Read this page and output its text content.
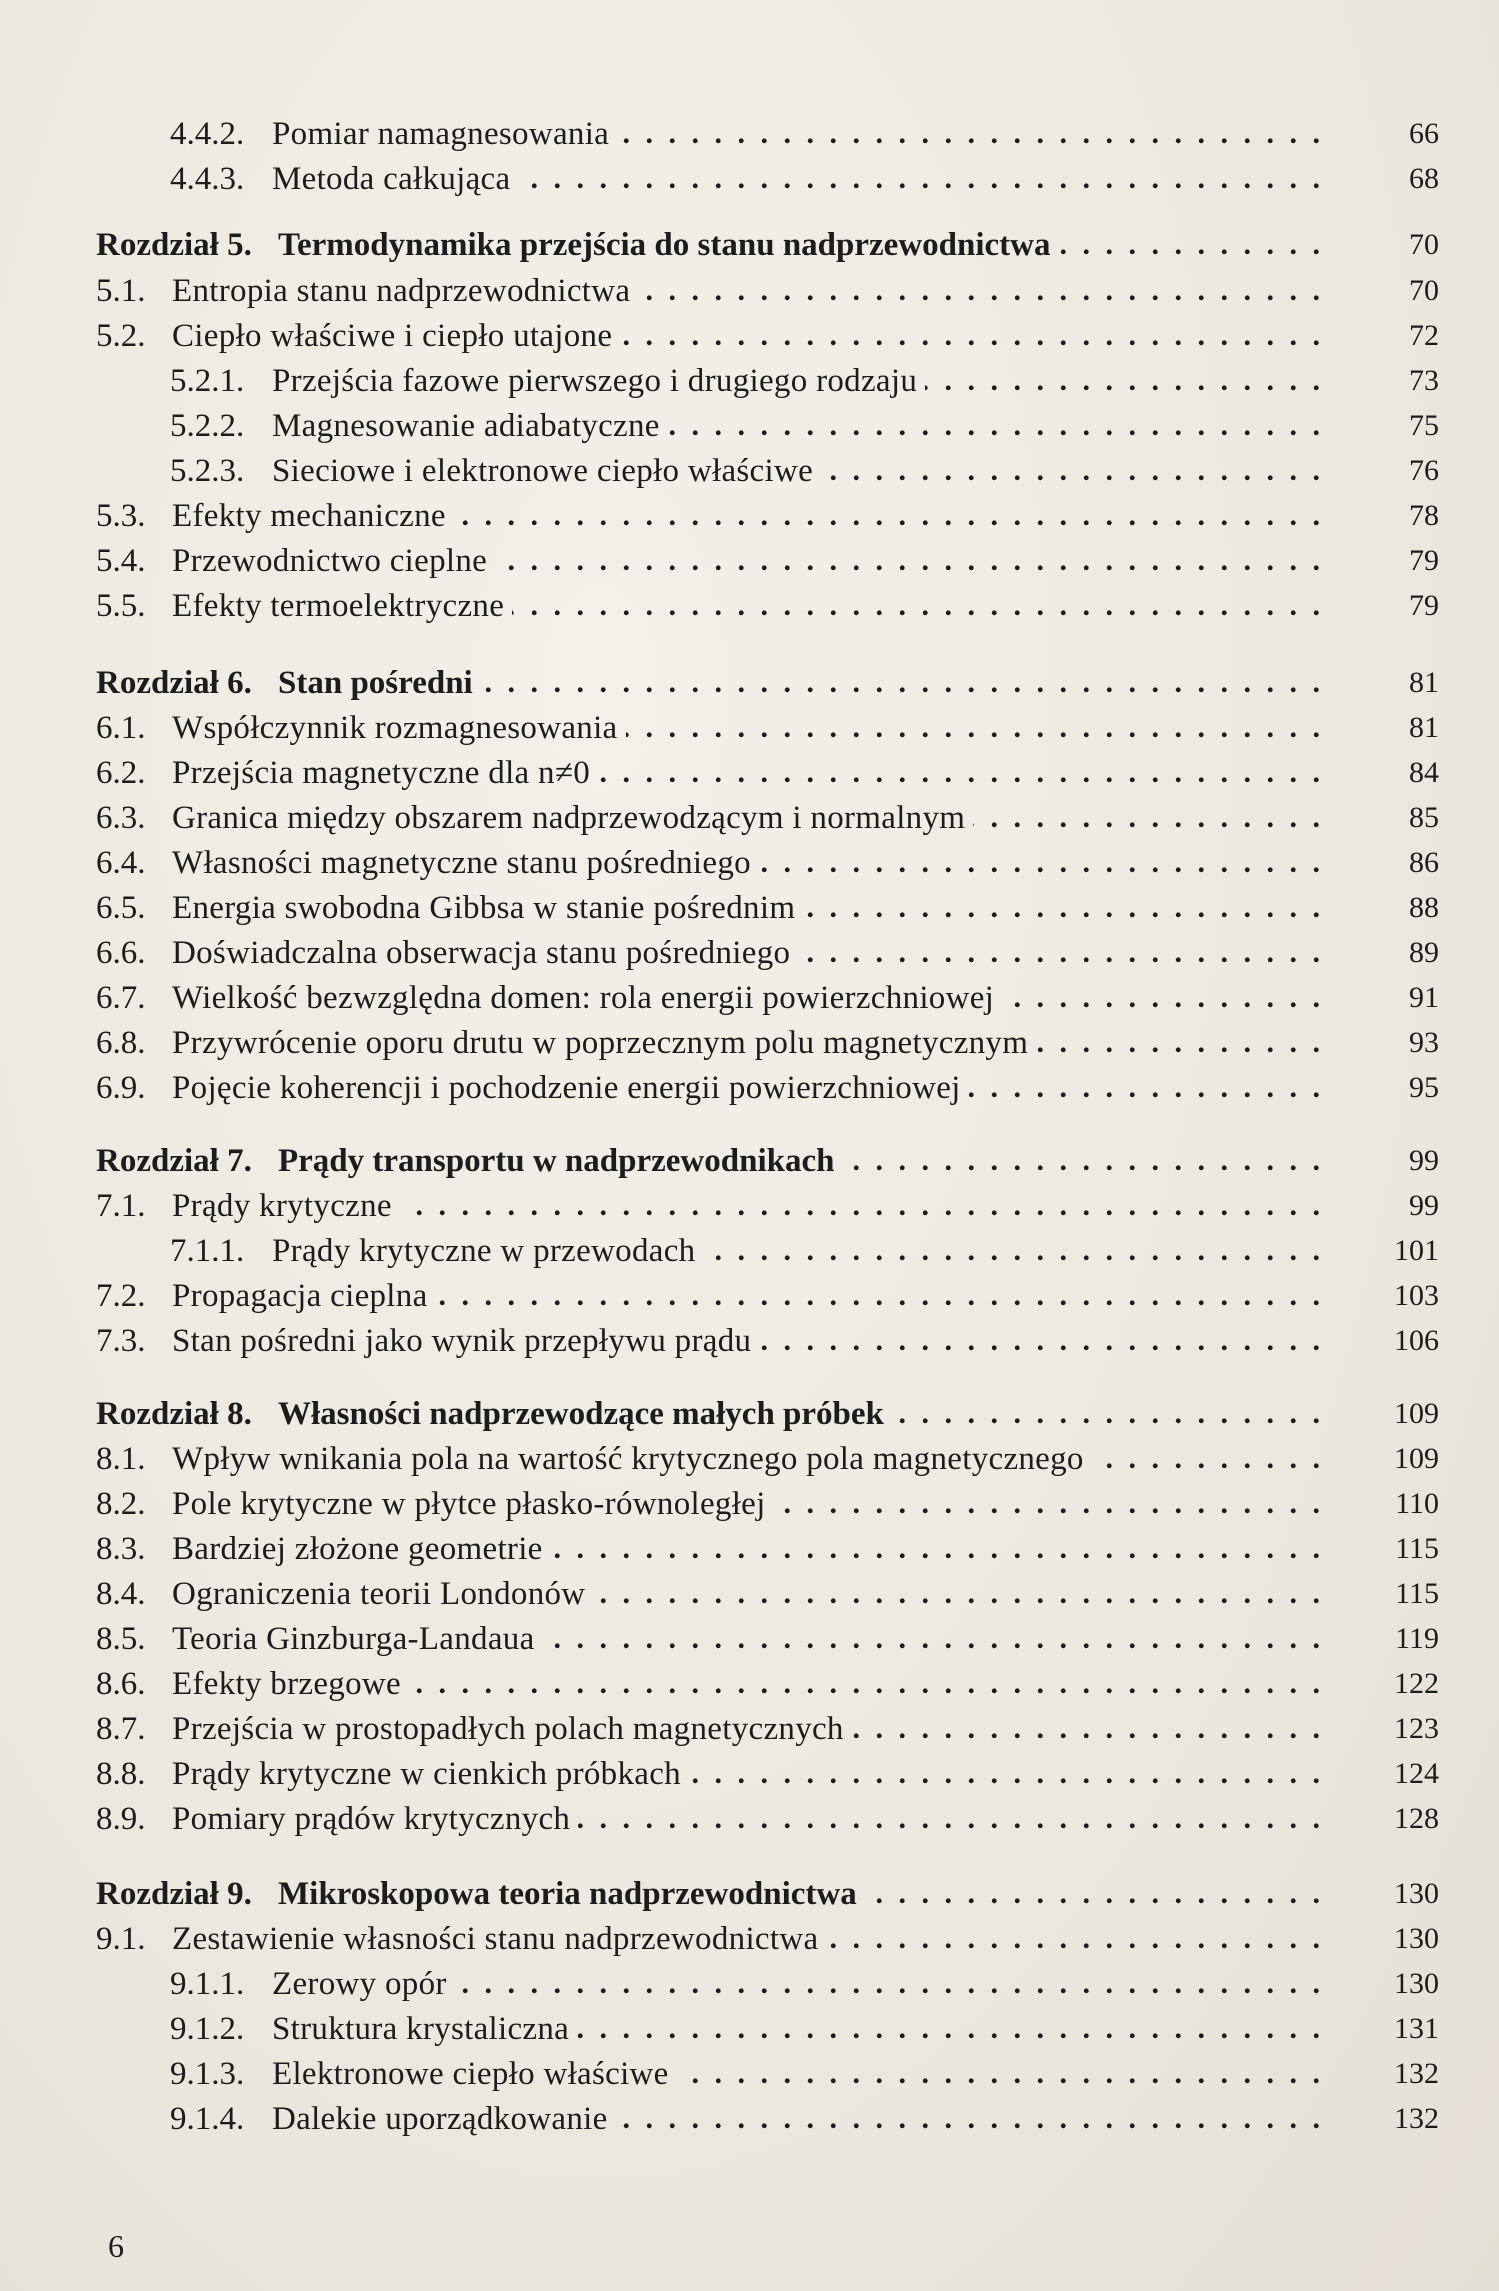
4.4.2. Pomiar namagnesowania . . .	66
4.4.3. Metoda całkująca . . .	68
Rozdział 5. Termodynamika przejścia do stanu nadprzewodnictwa . . .	70
5.1. Entropia stanu nadprzewodnictwa . . .	70
5.2. Ciepło właściwe i ciepło utajone . . .	72
5.2.1. Przejścia fazowe pierwszego i drugiego rodzaju . . .	73
5.2.2. Magnesowanie adiabatyczne . . .	75
5.2.3. Sieciowe i elektronowe ciepło właściwe . . .	76
5.3. Efekty mechaniczne . . .	78
5.4. Przewodnictwo cieplne . . .	79
5.5. Efekty termoelektryczne . . .	79
Rozdział 6. Stan pośredni . . .	81
6.1. Współczynnik rozmagnesowania . . .	81
6.2. Przejścia magnetyczne dla n≠0 . . .	84
6.3. Granica między obszarem nadprzewodzącym i normalnym . . .	85
6.4. Własności magnetyczne stanu pośredniego . . .	86
6.5. Energia swobodna Gibbsa w stanie pośrednim . . .	88
6.6. Doświadczalna obserwacja stanu pośredniego . . .	89
6.7. Wielkość bezwzględna domen: rola energii powierzchniowej . . .	91
6.8. Przywrócenie oporu drutu w poprzecznym polu magnetycznym . . .	93
6.9. Pojęcie koherencji i pochodzenie energii powierzchniowej . . .	95
Rozdział 7. Prądy transportu w nadprzewodnikach . . .	99
7.1. Prądy krytyczne . . .	99
7.1.1. Prądy krytyczne w przewodach . . .	101
7.2. Propagacja cieplna . . .	103
7.3. Stan pośredni jako wynik przepływu prądu . . .	106
Rozdział 8. Własności nadprzewodzące małych próbek . . .	109
8.1. Wpływ wnikania pola na wartość krytycznego pola magnetycznego . . .	109
8.2. Pole krytyczne w płytce płasko-równoległej . . .	110
8.3. Bardziej złożone geometrie . . .	115
8.4. Ograniczenia teorii Londonów . . .	115
8.5. Teoria Ginzburga-Landaua . . .	119
8.6. Efekty brzegowe . . .	122
8.7. Przejścia w prostopadłych polach magnetycznych . . .	123
8.8. Prądy krytyczne w cienkich próbkach . . .	124
8.9. Pomiary prądów krytycznych . . .	128
Rozdział 9. Mikroskopowa teoria nadprzewodnictwa . . .	130
9.1. Zestawienie własności stanu nadprzewodnictwa . . .	130
9.1.1. Zerowy opór . . .	130
9.1.2. Struktura krystaliczna . . .	131
9.1.3. Elektronowe ciepło właściwe . . .	132
9.1.4. Dalekie uporządkowanie . . .	132
6
